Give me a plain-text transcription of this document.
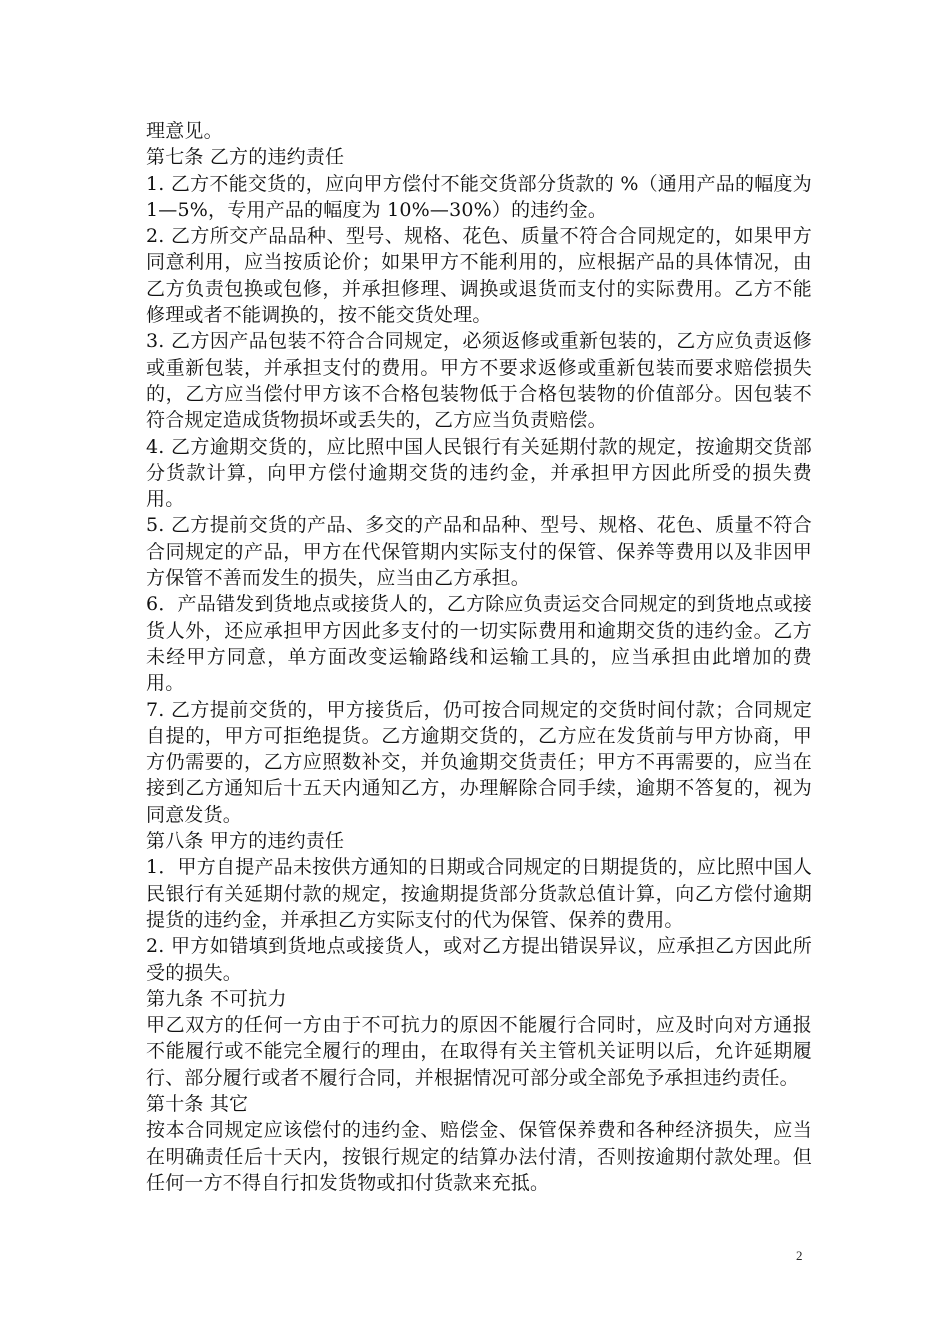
理意见。

第七条 乙方的违约责任

1. 乙方不能交货的，应向甲方偿付不能交货部分货款的 %（通用产品的幅度为 1—5%，专用产品的幅度为 10%—30%）的违约金。

2. 乙方所交产品品种、型号、规格、花色、质量不符合合同规定的，如果甲方同意利用，应当按质论价；如果甲方不能利用的，应根据产品的具体情况，由乙方负责包换或包修，并承担修理、调换或退货而支付的实际费用。乙方不能修理或者不能调换的，按不能交货处理。

3. 乙方因产品包装不符合合同规定，必须返修或重新包装的，乙方应负责返修或重新包装，并承担支付的费用。甲方不要求返修或重新包装而要求赔偿损失的，乙方应当偿付甲方该不合格包装物低于合格包装物的价值部分。因包装不符合规定造成货物损坏或丢失的，乙方应当负责赔偿。

4. 乙方逾期交货的，应比照中国人民银行有关延期付款的规定，按逾期交货部分货款计算，向甲方偿付逾期交货的违约金，并承担甲方因此所受的损失费用。

5. 乙方提前交货的产品、多交的产品和品种、型号、规格、花色、质量不符合合同规定的产品，甲方在代保管期内实际支付的保管、保养等费用以及非因甲方保管不善而发生的损失，应当由乙方承担。

6．产品错发到货地点或接货人的，乙方除应负责运交合同规定的到货地点或接货人外，还应承担甲方因此多支付的一切实际费用和逾期交货的违约金。乙方未经甲方同意，单方面改变运输路线和运输工具的，应当承担由此增加的费用。

7. 乙方提前交货的，甲方接货后，仍可按合同规定的交货时间付款；合同规定自提的，甲方可拒绝提货。乙方逾期交货的，乙方应在发货前与甲方协商，甲方仍需要的，乙方应照数补交，并负逾期交货责任；甲方不再需要的，应当在接到乙方通知后十五天内通知乙方，办理解除合同手续，逾期不答复的，视为同意发货。

第八条 甲方的违约责任

1．甲方自提产品未按供方通知的日期或合同规定的日期提货的，应比照中国人民银行有关延期付款的规定，按逾期提货部分货款总值计算，向乙方偿付逾期提货的违约金，并承担乙方实际支付的代为保管、保养的费用。

2. 甲方如错填到货地点或接货人，或对乙方提出错误异议，应承担乙方因此所受的损失。

第九条 不可抗力

甲乙双方的任何一方由于不可抗力的原因不能履行合同时，应及时向对方通报不能履行或不能完全履行的理由，在取得有关主管机关证明以后，允许延期履行、部分履行或者不履行合同，并根据情况可部分或全部免予承担违约责任。

第十条 其它

按本合同规定应该偿付的违约金、赔偿金、保管保养费和各种经济损失，应当在明确责任后十天内，按银行规定的结算办法付清，否则按逾期付款处理。但任何一方不得自行扣发货物或扣付货款来充抵。

2
